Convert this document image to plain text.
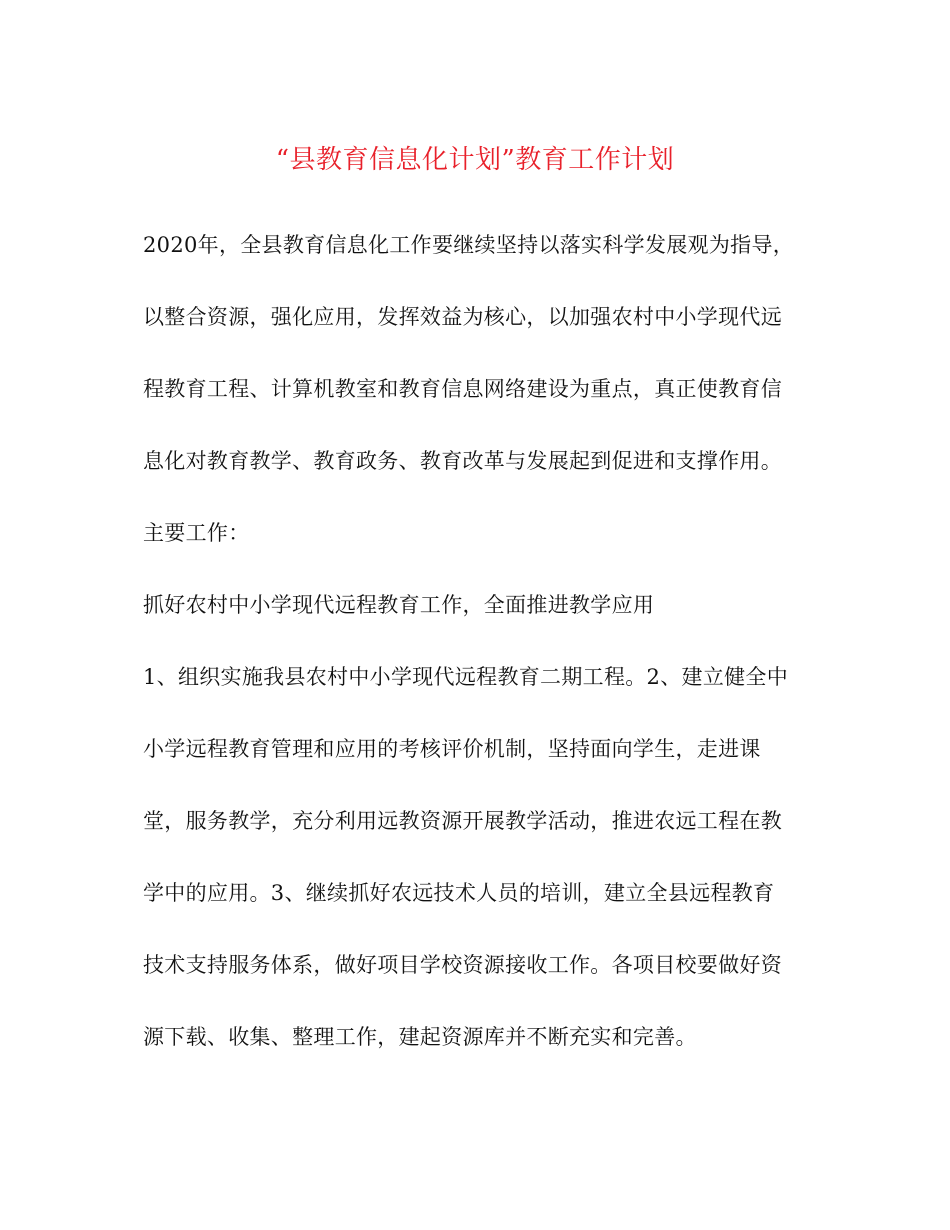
“县教育信息化计划”教育工作计划
2020年，全县教育信息化工作要继续坚持以落实科学发展观为指导，
以整合资源，强化应用，发挥效益为核心，以加强农村中小学现代远
程教育工程、计算机教室和教育信息网络建设为重点，真正使教育信
息化对教育教学、教育政务、教育改革与发展起到促进和支撑作用。
主要工作：
抓好农村中小学现代远程教育工作，全面推进教学应用
1、组织实施我县农村中小学现代远程教育二期工程。2、建立健全中
小学远程教育管理和应用的考核评价机制，坚持面向学生，走进课
堂，服务教学，充分利用远教资源开展教学活动，推进农远工程在教
学中的应用。3、继续抓好农远技术人员的培训，建立全县远程教育
技术支持服务体系，做好项目学校资源接收工作。各项目校要做好资
源下载、收集、整理工作，建起资源库并不断充实和完善。
